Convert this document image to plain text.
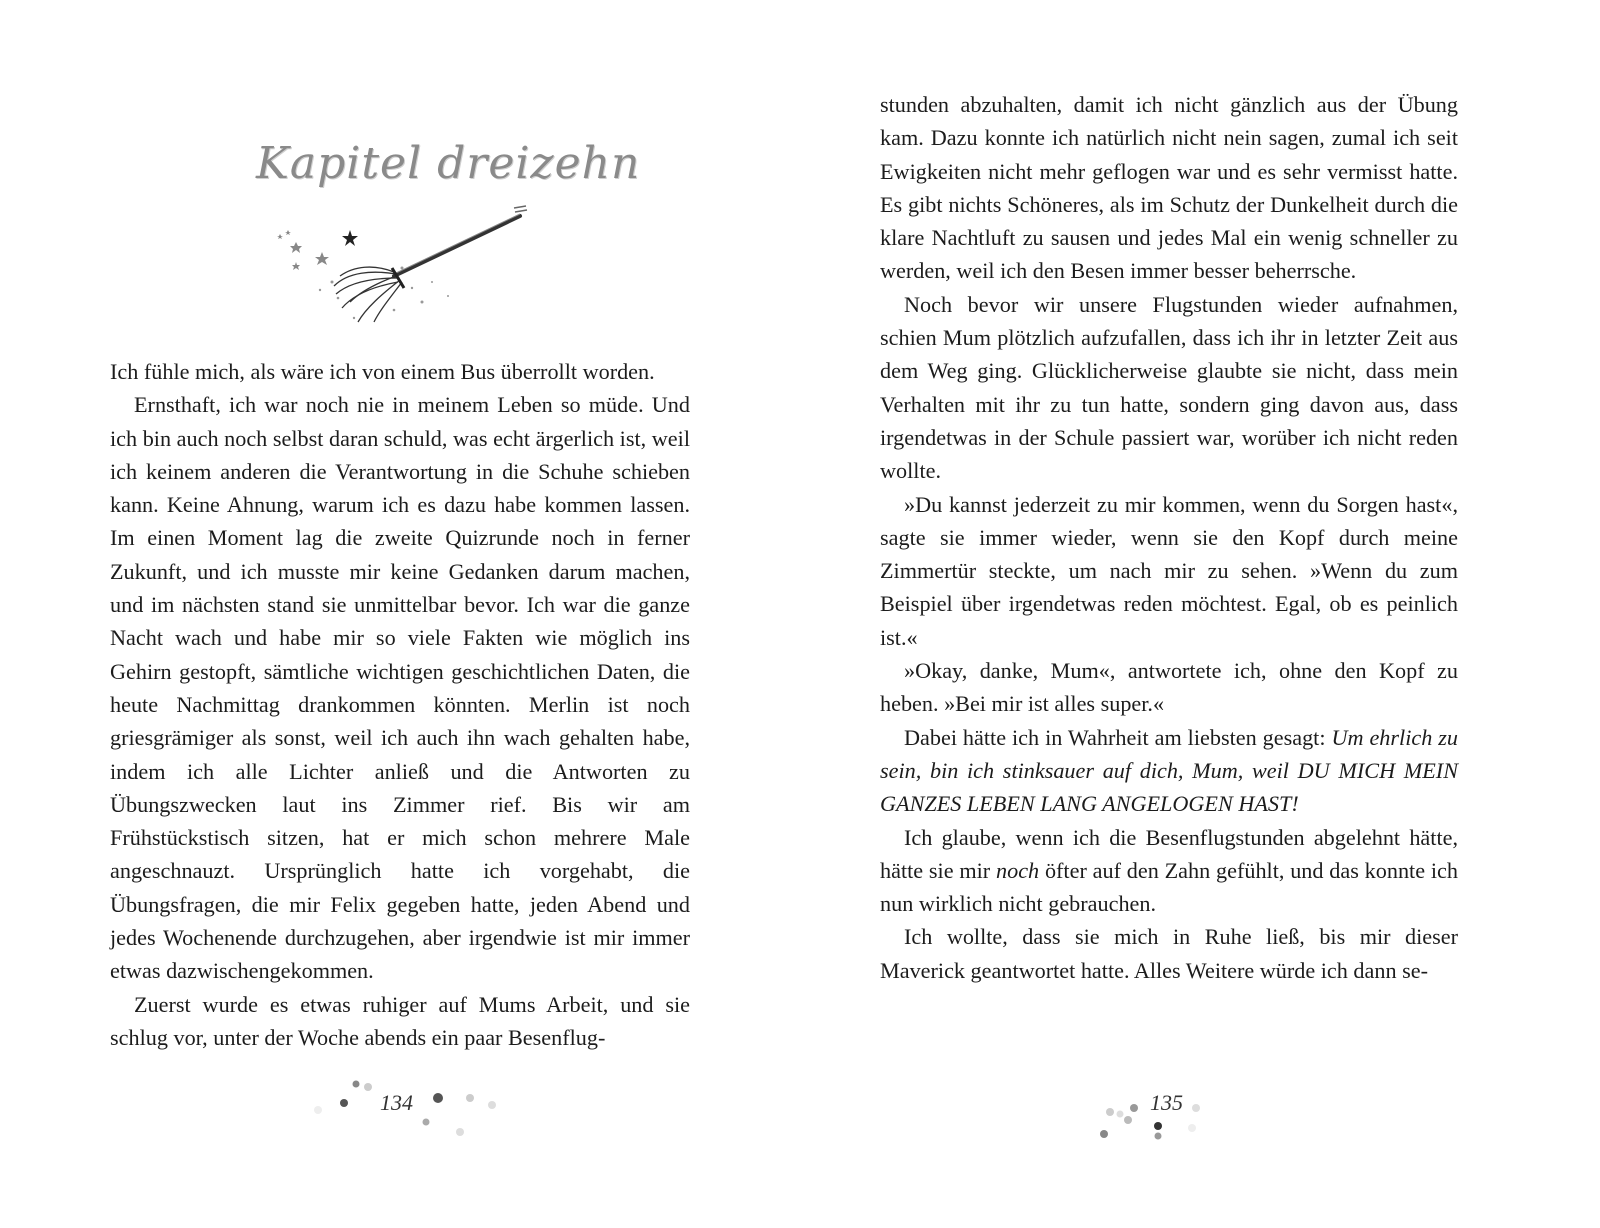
Kapitel dreizehn

Ich fühle mich, als wäre ich von einem Bus überrollt worden.

Ernsthaft, ich war noch nie in meinem Leben so müde. Und ich bin auch noch selbst daran schuld, was echt ärgerlich ist, weil ich keinem anderen die Verantwortung in die Schuhe schieben kann. Keine Ahnung, warum ich es dazu habe kommen lassen. Im einen Moment lag die zweite Quizrunde noch in ferner Zukunft, und ich musste mir keine Gedanken darum machen, und im nächsten stand sie unmittelbar bevor. Ich war die ganze Nacht wach und habe mir so viele Fakten wie möglich ins Gehirn gestopft, sämtliche wichtigen geschichtlichen Daten, die heute Nachmittag drankommen könnten. Merlin ist noch griesgrämiger als sonst, weil ich auch ihn wach gehalten habe, indem ich alle Lichter anließ und die Antworten zu Übungszwecken laut ins Zimmer rief. Bis wir am Frühstückstisch sitzen, hat er mich schon mehrere Male angeschnauzt. Ursprünglich hatte ich vorgehabt, die Übungsfragen, die mir Felix gegeben hatte, jeden Abend und jedes Wochenende durchzugehen, aber irgendwie ist mir immer etwas dazwischengekommen.

Zuerst wurde es etwas ruhiger auf Mums Arbeit, und sie schlug vor, unter der Woche abends ein paar Besenflug-

134

stunden abzuhalten, damit ich nicht gänzlich aus der Übung kam. Dazu konnte ich natürlich nicht nein sagen, zumal ich seit Ewigkeiten nicht mehr geflogen war und es sehr vermisst hatte. Es gibt nichts Schöneres, als im Schutz der Dunkelheit durch die klare Nachtluft zu sausen und jedes Mal ein wenig schneller zu werden, weil ich den Besen immer besser beherrsche.

Noch bevor wir unsere Flugstunden wieder aufnahmen, schien Mum plötzlich aufzufallen, dass ich ihr in letzter Zeit aus dem Weg ging. Glücklicherweise glaubte sie nicht, dass mein Verhalten mit ihr zu tun hatte, sondern ging davon aus, dass irgendetwas in der Schule passiert war, worüber ich nicht reden wollte.

»Du kannst jederzeit zu mir kommen, wenn du Sorgen hast«, sagte sie immer wieder, wenn sie den Kopf durch meine Zimmertür steckte, um nach mir zu sehen. »Wenn du zum Beispiel über irgendetwas reden möchtest. Egal, ob es peinlich ist.«

»Okay, danke, Mum«, antwortete ich, ohne den Kopf zu heben. »Bei mir ist alles super.«

Dabei hätte ich in Wahrheit am liebsten gesagt: Um ehrlich zu sein, bin ich stinksauer auf dich, Mum, weil DU MICH MEIN GANZES LEBEN LANG ANGELOGEN HAST!

Ich glaube, wenn ich die Besenflugstunden abgelehnt hätte, hätte sie mir noch öfter auf den Zahn gefühlt, und das konnte ich nun wirklich nicht gebrauchen.

Ich wollte, dass sie mich in Ruhe ließ, bis mir dieser Maverick geantwortet hatte. Alles Weitere würde ich dann se-

135
